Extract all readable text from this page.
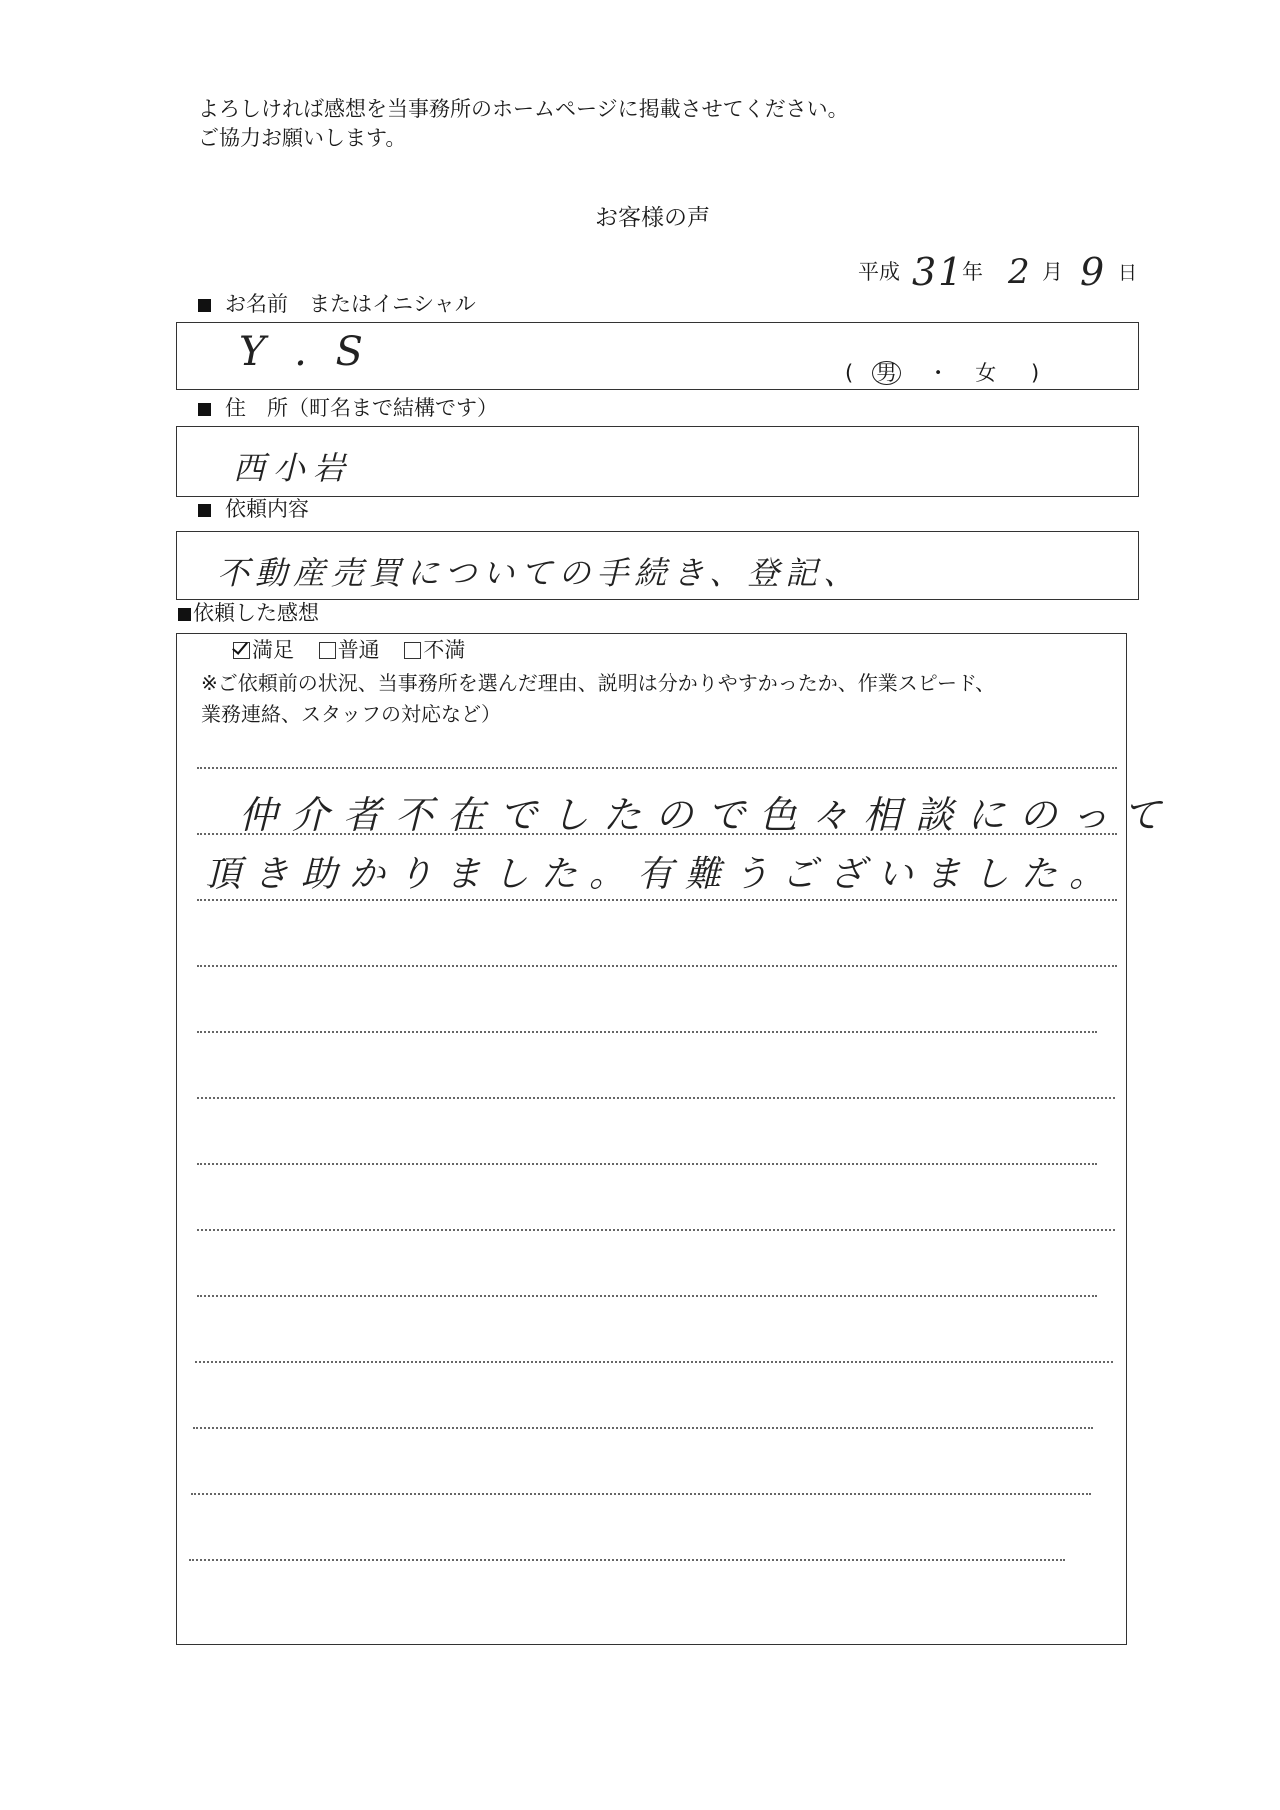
よろしければ感想を当事務所のホームページに掲載させてください。
ご協力お願いします。
お客様の声
平成 31
年 2 月 9 日
お名前　またはイニシャル
Y . S	( 男 ・ 女 )
住　所（町名まで結構です）
西小岩
依頼内容
不動産売買についての手続き、登記、
依頼した感想
満足 普通 不満
※ご依頼前の状況、当事務所を選んだ理由、説明は分かりやすかったか、作業スピード、
業務連絡、スタッフの対応など）
仲介者不在でしたので色々相談にのって
頂き助かりました。有難うございました。
